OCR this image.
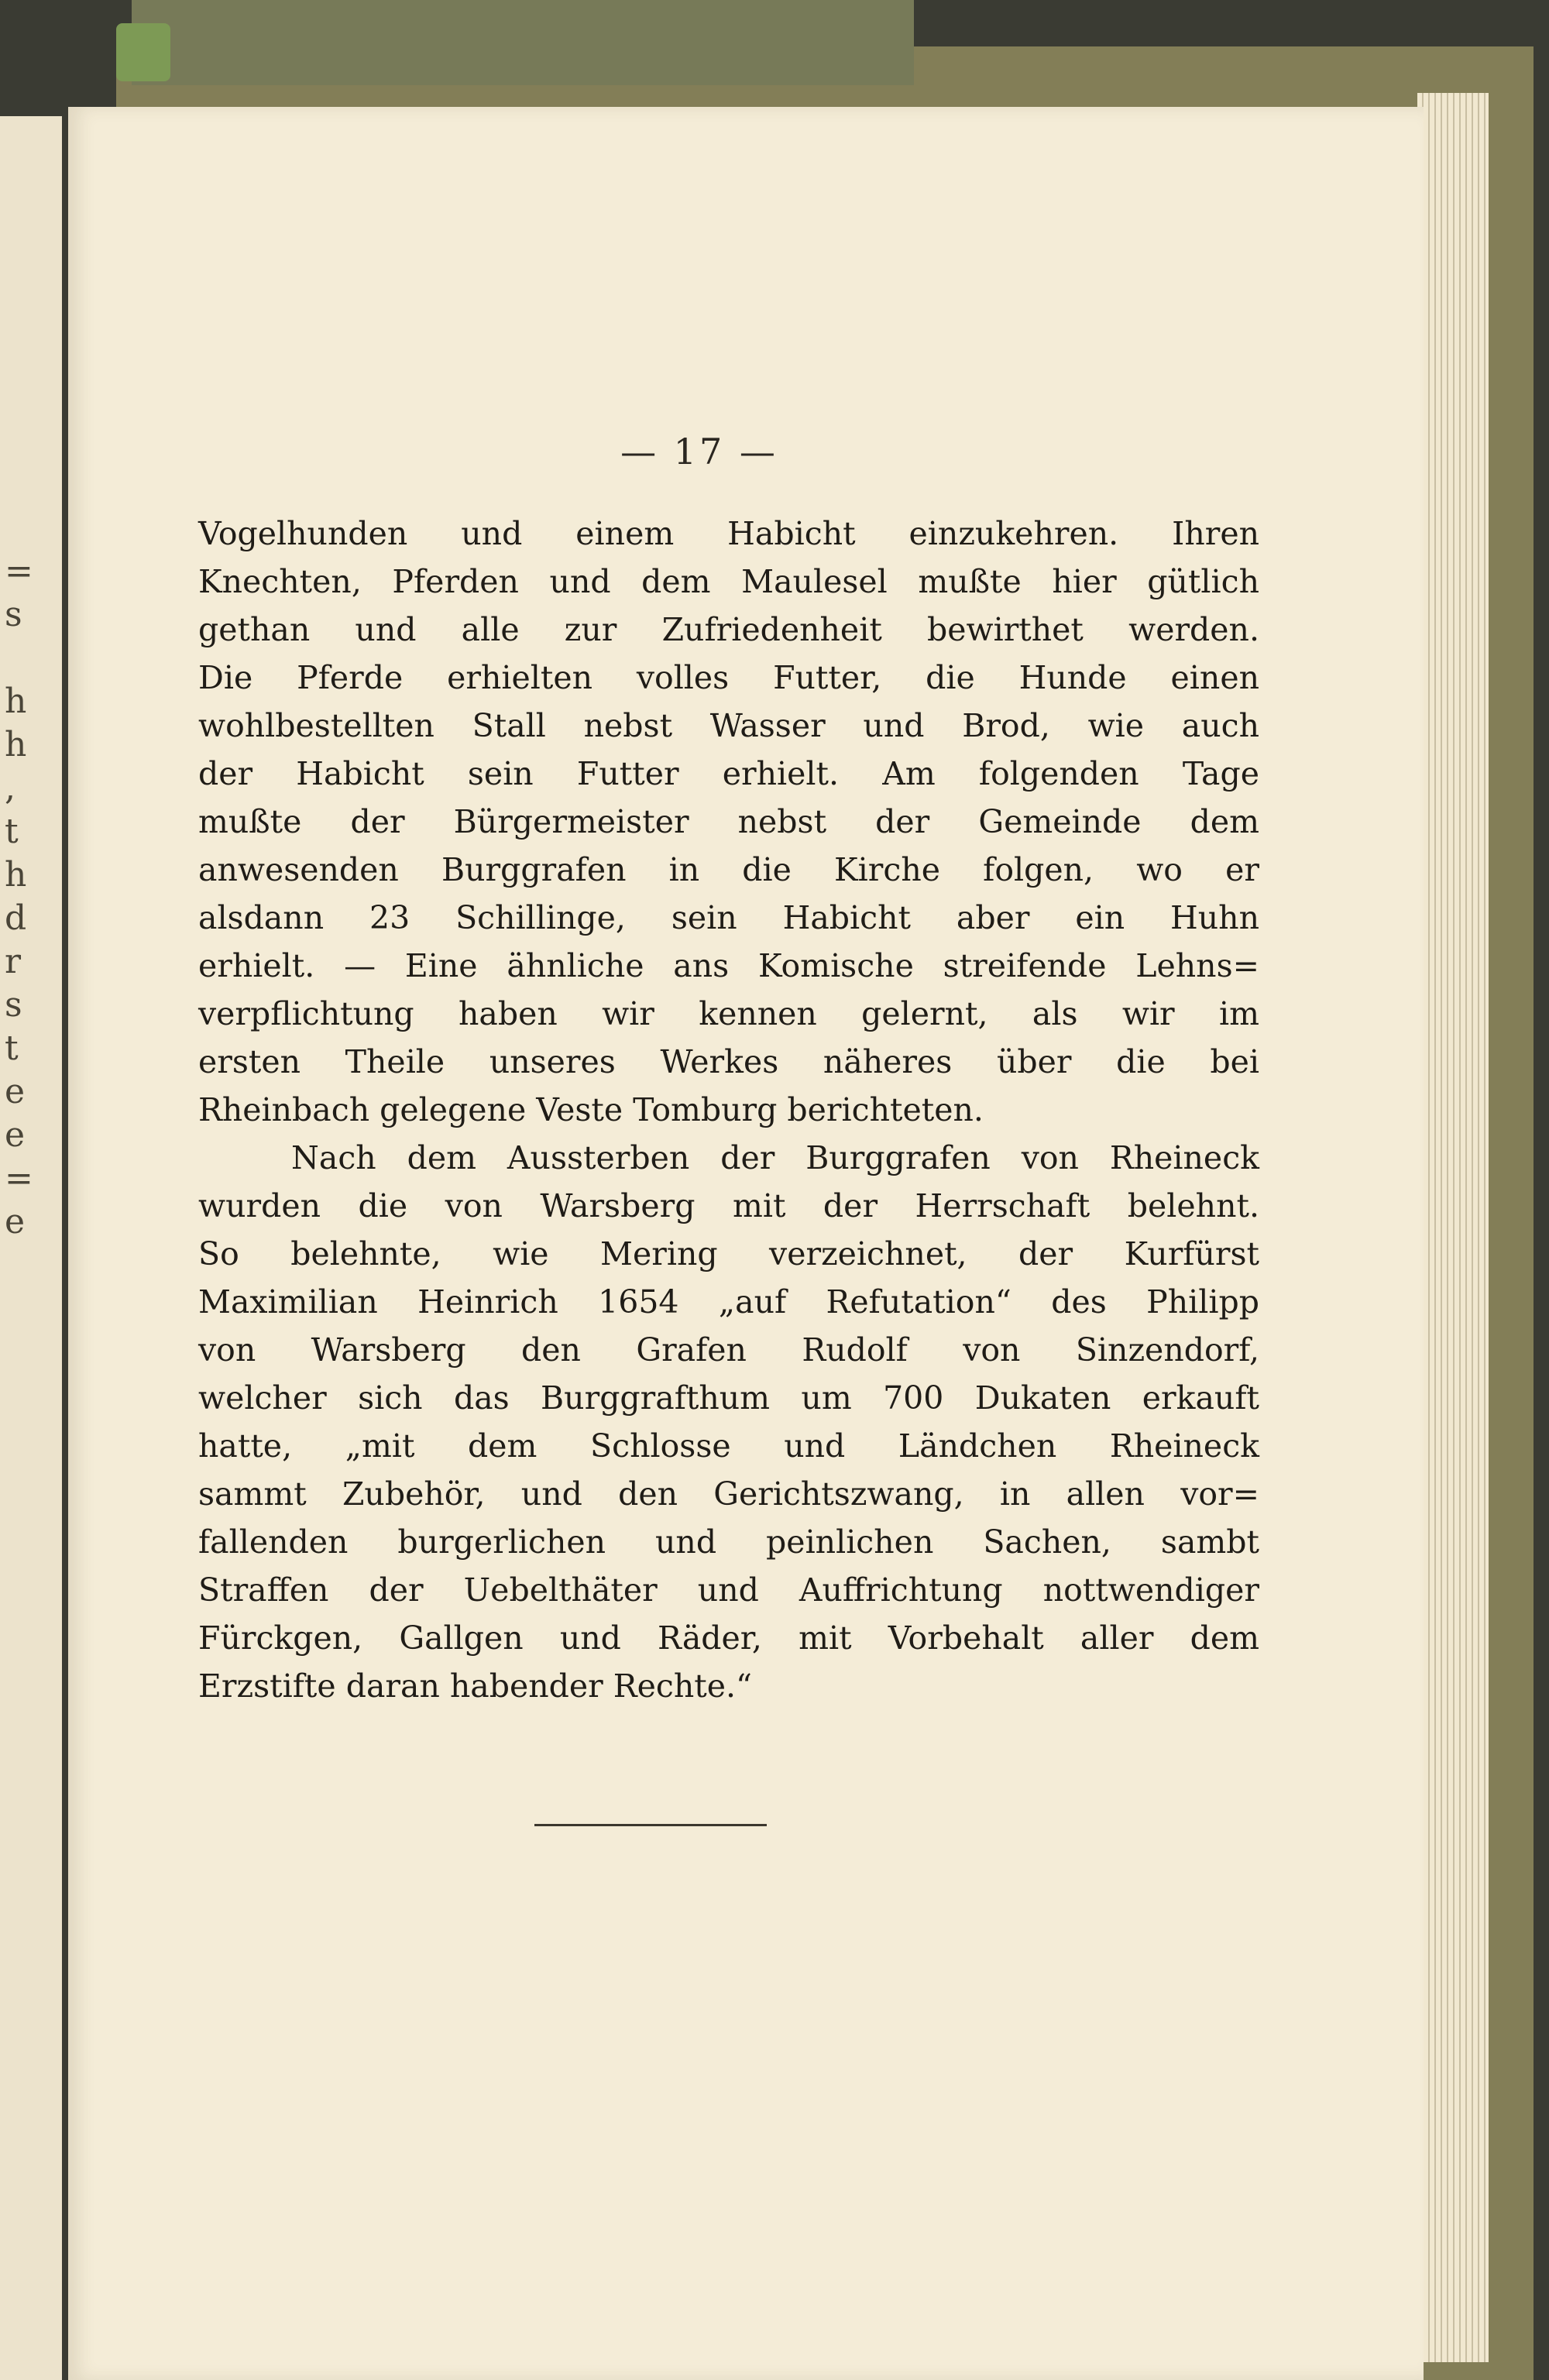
=
s

h
h
,
t
h
d
r
s
t
e
e
=
e
— 17 —
Vogelhunden und einem Habicht einzukehren. Ihren
Knechten, Pferden und dem Maulesel mußte hier gütlich
gethan und alle zur Zufriedenheit bewirthet werden.
Die Pferde erhielten volles Futter, die Hunde einen
wohlbestellten Stall nebst Wasser und Brod, wie auch
der Habicht sein Futter erhielt. Am folgenden Tage
mußte der Bürgermeister nebst der Gemeinde dem
anwesenden Burggrafen in die Kirche folgen, wo er
alsdann 23 Schillinge, sein Habicht aber ein Huhn
erhielt. — Eine ähnliche ans Komische streifende Lehns=
verpflichtung haben wir kennen gelernt, als wir im
ersten Theile unseres Werkes näheres über die bei
Rheinbach gelegene Veste Tomburg berichteten.
Nach dem Aussterben der Burggrafen von Rheineck
wurden die von Warsberg mit der Herrschaft belehnt.
So belehnte, wie Mering verzeichnet, der Kurfürst
Maximilian Heinrich 1654 „auf Refutation“ des Philipp
von Warsberg den Grafen Rudolf von Sinzendorf,
welcher sich das Burggrafthum um 700 Dukaten erkauft
hatte, „mit dem Schlosse und Ländchen Rheineck
sammt Zubehör, und den Gerichtszwang, in allen vor=
fallenden burgerlichen und peinlichen Sachen, sambt
Straffen der Uebelthäter und Auffrichtung nottwendiger
Fürckgen, Gallgen und Räder, mit Vorbehalt aller dem
Erzstifte daran habender Rechte.“
